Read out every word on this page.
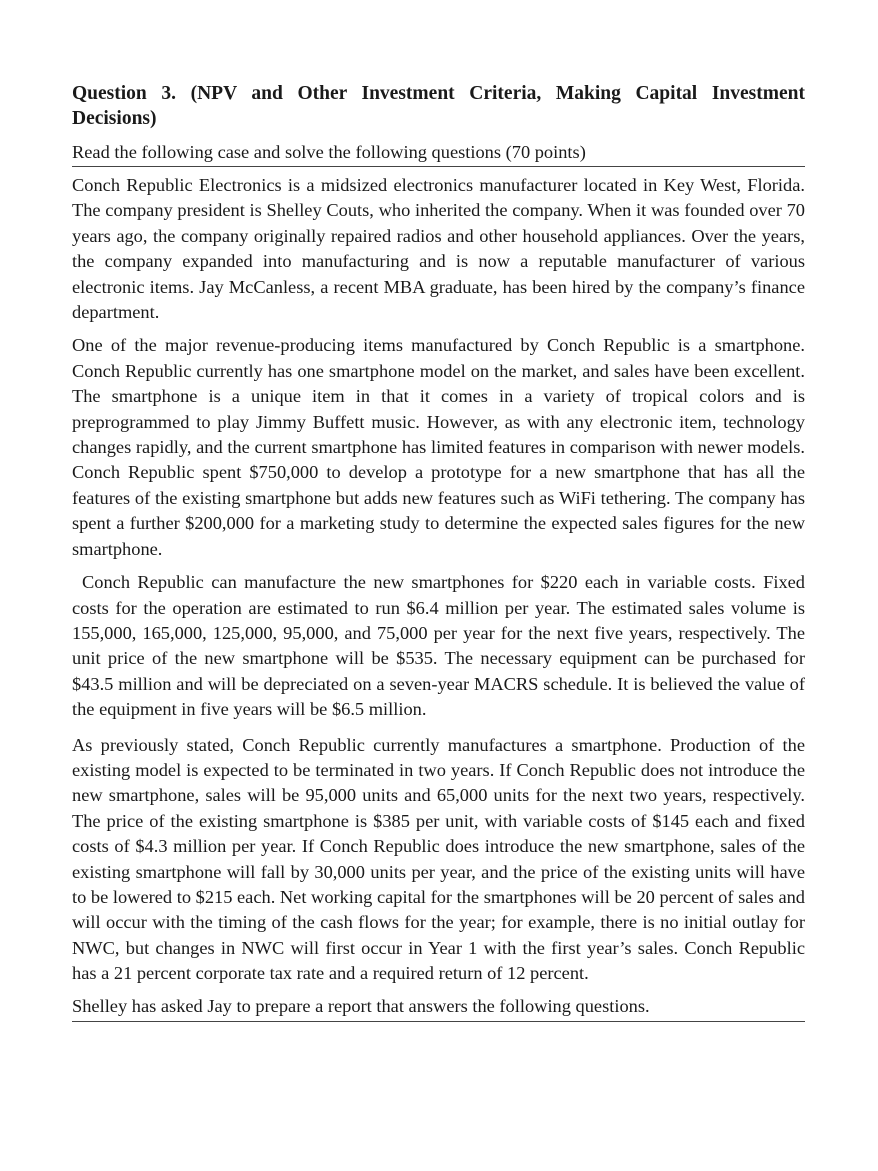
Question 3. (NPV and Other Investment Criteria, Making Capital Investment Decisions)
Read the following case and solve the following questions (70 points)

Conch Republic Electronics is a midsized electronics manufacturer located in Key West, Florida. The company president is Shelley Couts, who inherited the company. When it was founded over 70 years ago, the company originally repaired radios and other household appliances. Over the years, the company expanded into manufacturing and is now a reputable manufacturer of various electronic items. Jay McCanless, a recent MBA graduate, has been hired by the company’s finance department.

One of the major revenue-producing items manufactured by Conch Republic is a smartphone. Conch Republic currently has one smartphone model on the market, and sales have been excellent. The smartphone is a unique item in that it comes in a variety of tropical colors and is preprogrammed to play Jimmy Buffett music. However, as with any electronic item, technology changes rapidly, and the current smartphone has limited features in comparison with newer models. Conch Republic spent $750,000 to develop a prototype for a new smartphone that has all the features of the existing smartphone but adds new features such as WiFi tethering. The company has spent a further $200,000 for a marketing study to determine the expected sales figures for the new smartphone.

Conch Republic can manufacture the new smartphones for $220 each in variable costs. Fixed costs for the operation are estimated to run $6.4 million per year. The estimated sales volume is 155,000, 165,000, 125,000, 95,000, and 75,000 per year for the next five years, respectively. The unit price of the new smartphone will be $535. The necessary equipment can be purchased for $43.5 million and will be depreciated on a seven-year MACRS schedule. It is believed the value of the equipment in five years will be $6.5 million.

As previously stated, Conch Republic currently manufactures a smartphone. Production of the existing model is expected to be terminated in two years. If Conch Republic does not introduce the new smartphone, sales will be 95,000 units and 65,000 units for the next two years, respectively. The price of the existing smartphone is $385 per unit, with variable costs of $145 each and fixed costs of $4.3 million per year. If Conch Republic does introduce the new smartphone, sales of the existing smartphone will fall by 30,000 units per year, and the price of the existing units will have to be lowered to $215 each. Net working capital for the smartphones will be 20 percent of sales and will occur with the timing of the cash flows for the year; for example, there is no initial outlay for NWC, but changes in NWC will first occur in Year 1 with the first year’s sales. Conch Republic has a 21 percent corporate tax rate and a required return of 12 percent.

Shelley has asked Jay to prepare a report that answers the following questions.
